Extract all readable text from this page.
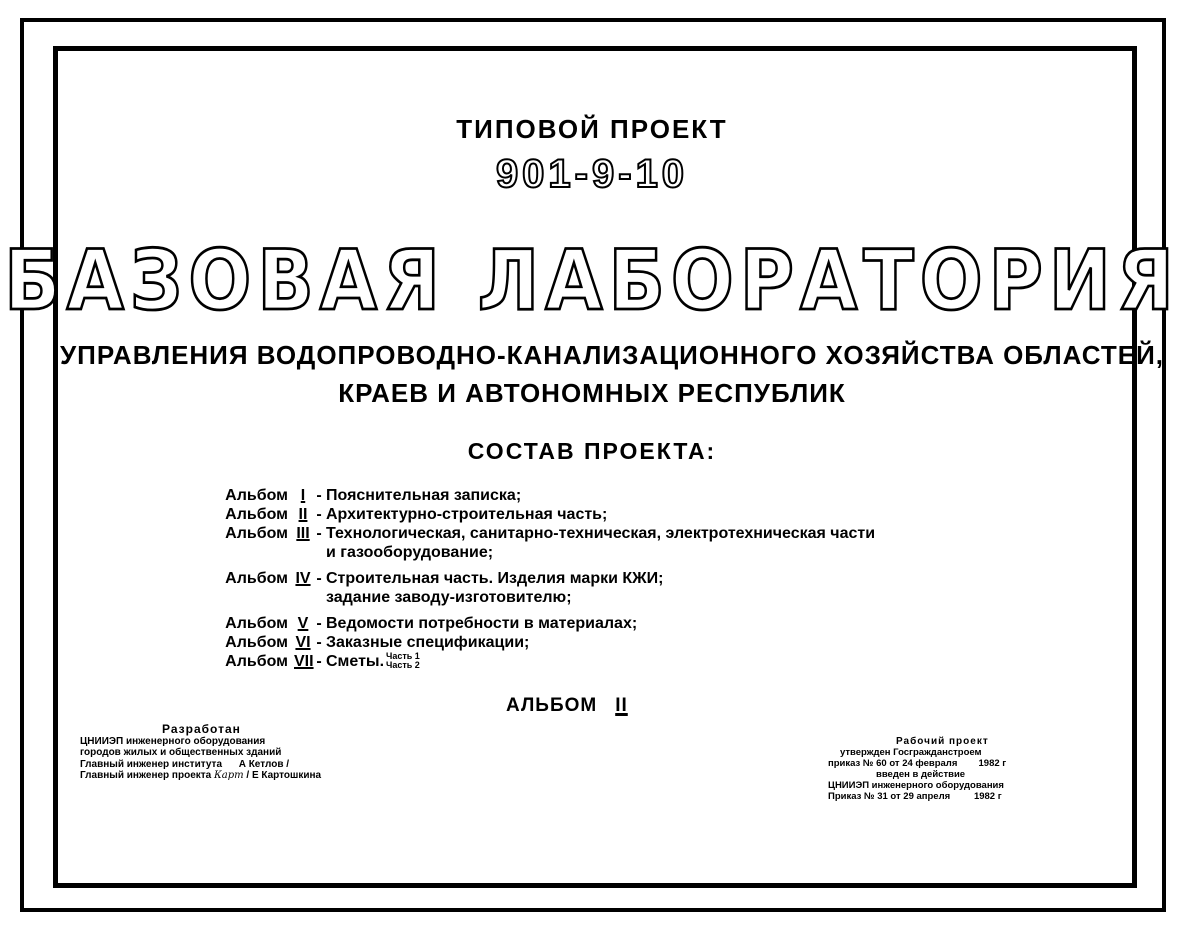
ТИПОВОЙ ПРОЕКТ
901-9-10
БАЗОВАЯ ЛАБОРАТОРИЯ
УПРАВЛЕНИЯ ВОДОПРОВОДНО-КАНАЛИЗАЦИОННОГО ХОЗЯЙСТВА ОБЛАСТЕЙ,
КРАЕВ И АВТОНОМНЫХ РЕСПУБЛИК
СОСТАВ ПРОЕКТА:
Альбом I - Пояснительная записка;
Альбом II - Архитектурно-строительная часть;
Альбом III - Технологическая, санитарно-техническая, электротехническая части
и газооборудование;
Альбом IV - Строительная часть. Изделия марки КЖИ;
задание заводу-изготовителю;
Альбом V - Ведомости потребности в материалах;
Альбом VI - Заказные спецификации;
Альбом VII - Сметы. Часть 1
Часть 2
АЛЬБОМ II
Разработан
ЦНИИЭП инженерного оборудования
городов жилых и общественных зданий
Главный инженер института А Кетлов /
Главный инженер проекта Карт / Е Картошкина
Рабочий проект
утвержден Госгражданстроем
приказ № 60 от 24 февраля 1982 г
введен в действие
ЦНИИЭП инженерного оборудования
Приказ № 31 от 29 апреля	1982 г
